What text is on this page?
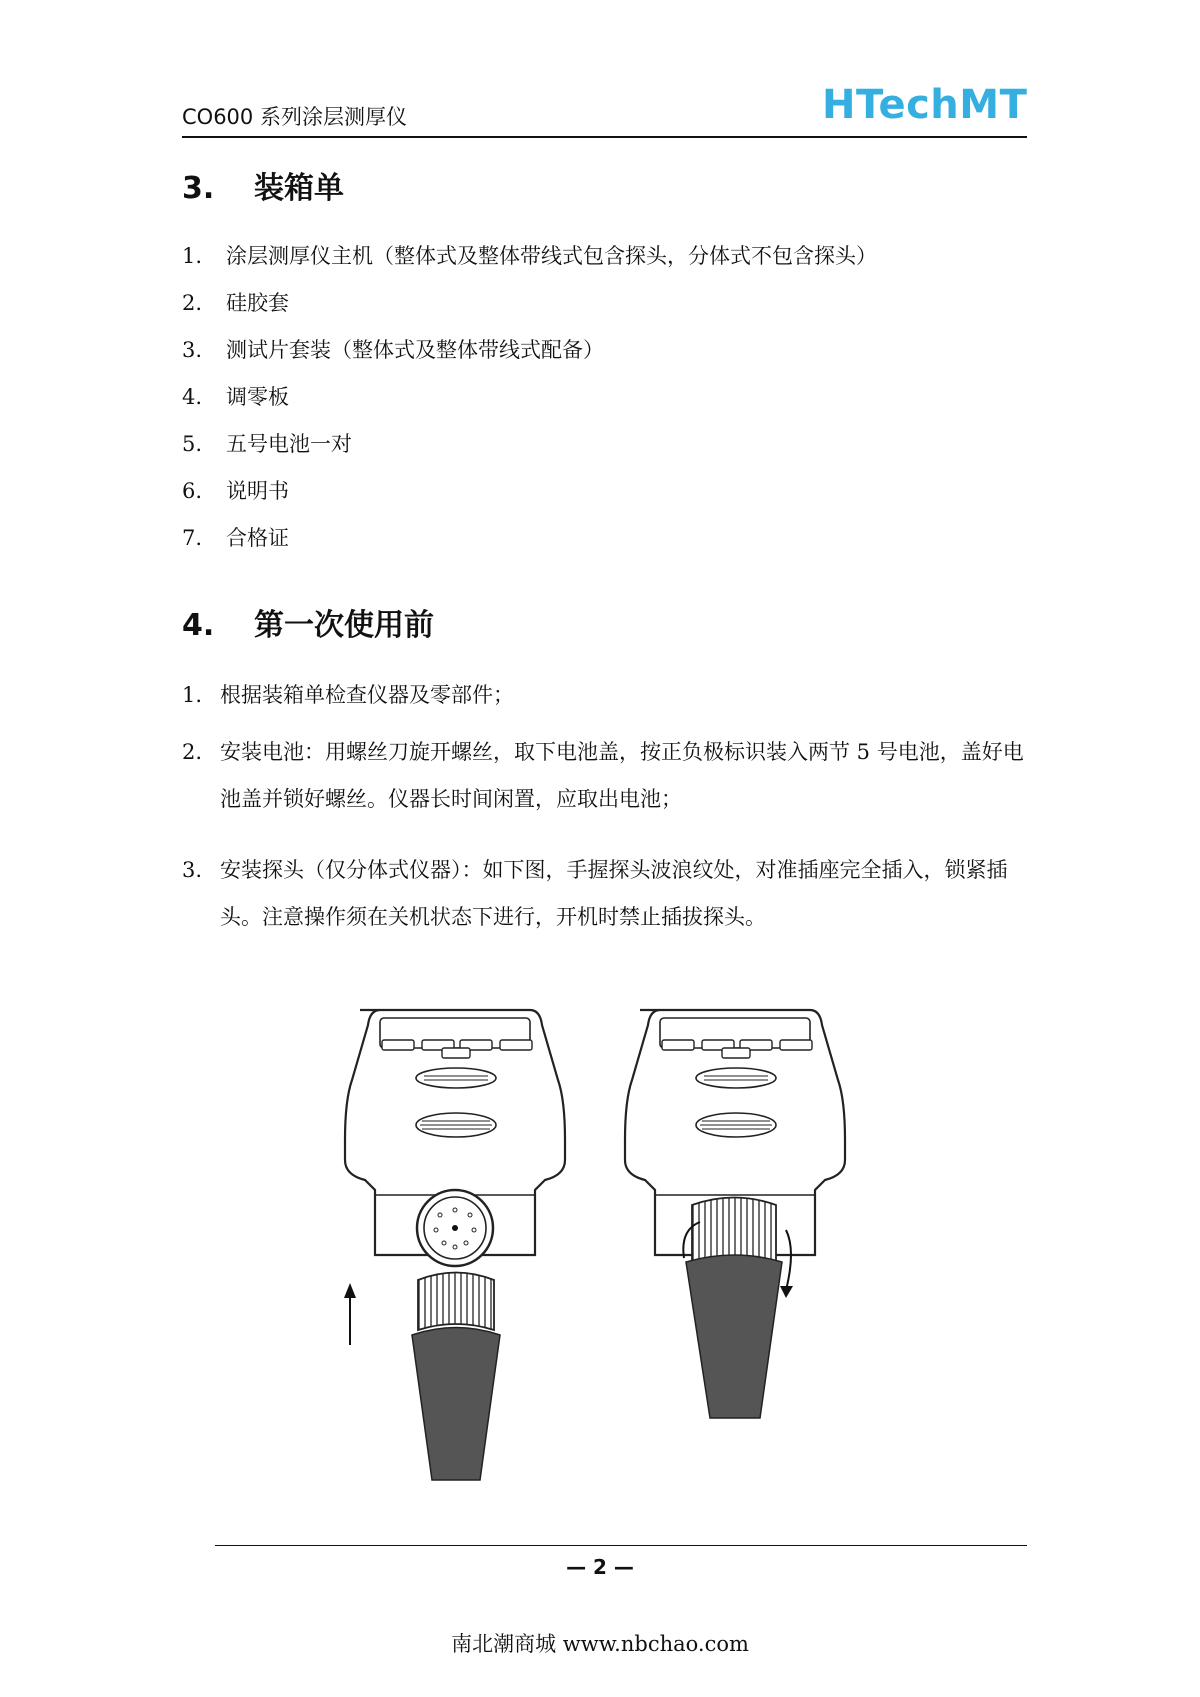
CO600 系列涂层测厚仪	HTechMT
3. 装箱单
1. 涂层测厚仪主机（整体式及整体带线式包含探头，分体式不包含探头）
2. 硅胶套
3. 测试片套装（整体式及整体带线式配备）
4. 调零板
5. 五号电池一对
6. 说明书
7. 合格证
4. 第一次使用前
1. 根据装箱单检查仪器及零部件；
2. 安装电池：用螺丝刀旋开螺丝，取下电池盖，按正负极标识装入两节 5 号电池，盖好电池盖并锁好螺丝。仪器长时间闲置，应取出电池；
3. 安装探头（仅分体式仪器）：如下图，手握探头波浪纹处，对准插座完全插入，锁紧插头。注意操作须在关机状态下进行，开机时禁止插拔探头。
— 2 —
南北潮商城 www.nbchao.com
